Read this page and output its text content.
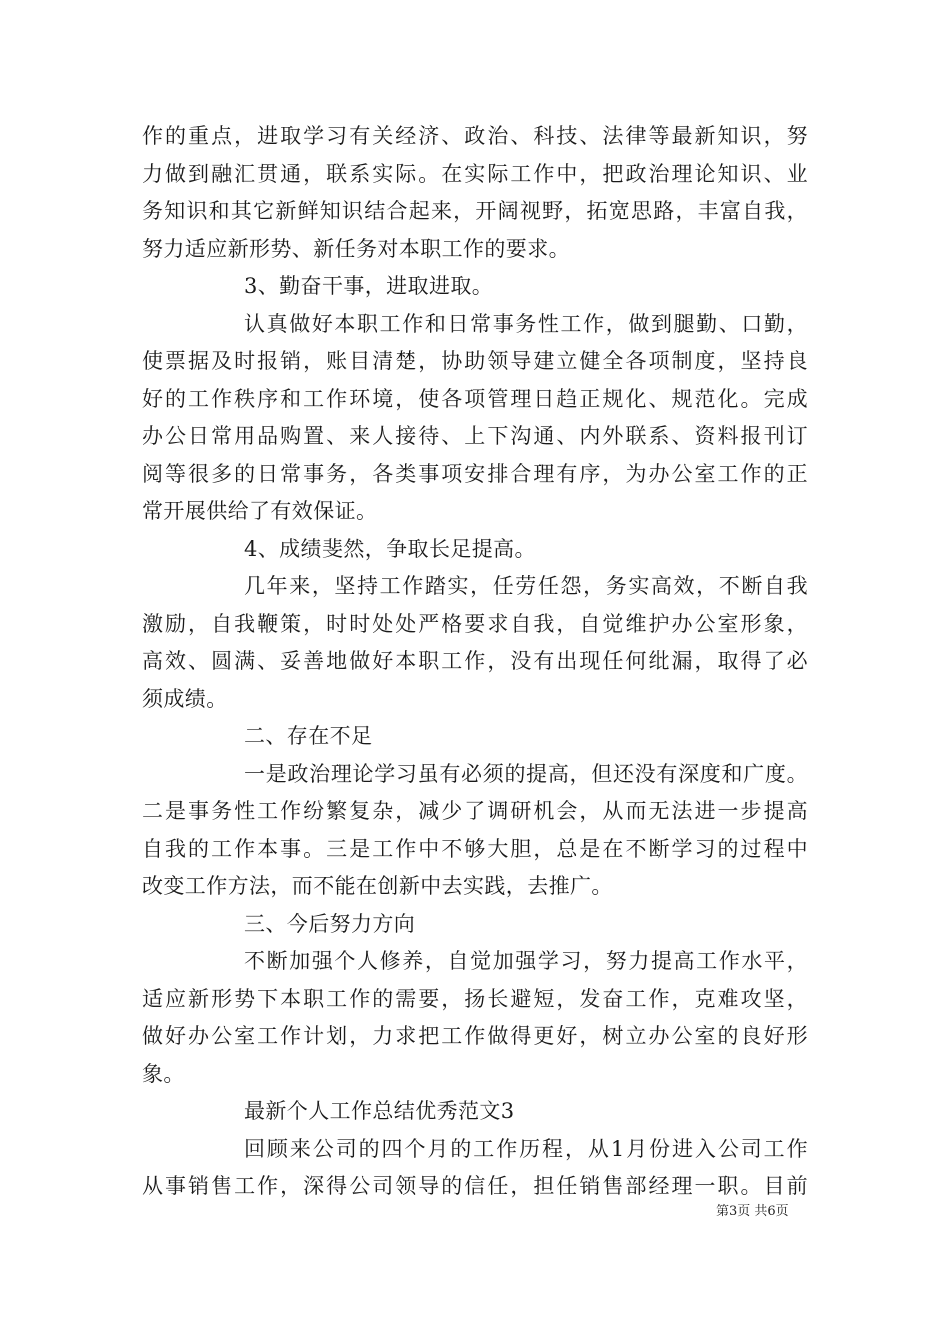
作的重点，进取学习有关经济、政治、科技、法律等最新知识，努
力做到融汇贯通，联系实际。在实际工作中，把政治理论知识、业
务知识和其它新鲜知识结合起来，开阔视野，拓宽思路，丰富自我，
努力适应新形势、新任务对本职工作的要求。
3、勤奋干事，进取进取。
认真做好本职工作和日常事务性工作，做到腿勤、口勤，
使票据及时报销，账目清楚，协助领导建立健全各项制度，坚持良
好的工作秩序和工作环境，使各项管理日趋正规化、规范化。完成
办公日常用品购置、来人接待、上下沟通、内外联系、资料报刊订
阅等很多的日常事务，各类事项安排合理有序，为办公室工作的正
常开展供给了有效保证。
4、成绩斐然，争取长足提高。
几年来，坚持工作踏实，任劳任怨，务实高效，不断自我
激励，自我鞭策，时时处处严格要求自我，自觉维护办公室形象，
高效、圆满、妥善地做好本职工作，没有出现任何纰漏，取得了必
须成绩。
二、存在不足
一是政治理论学习虽有必须的提高，但还没有深度和广度。
二是事务性工作纷繁复杂，减少了调研机会，从而无法进一步提高
自我的工作本事。三是工作中不够大胆，总是在不断学习的过程中
改变工作方法，而不能在创新中去实践，去推广。
三、今后努力方向
不断加强个人修养，自觉加强学习，努力提高工作水平，
适应新形势下本职工作的需要，扬长避短，发奋工作，克难攻坚，
做好办公室工作计划，力求把工作做得更好，树立办公室的良好形
象。
最新个人工作总结优秀范文3
回顾来公司的四个月的工作历程，从1月份进入公司工作
从事销售工作，深得公司领导的信任，担任销售部经理一职。目前
第3页 共6页
